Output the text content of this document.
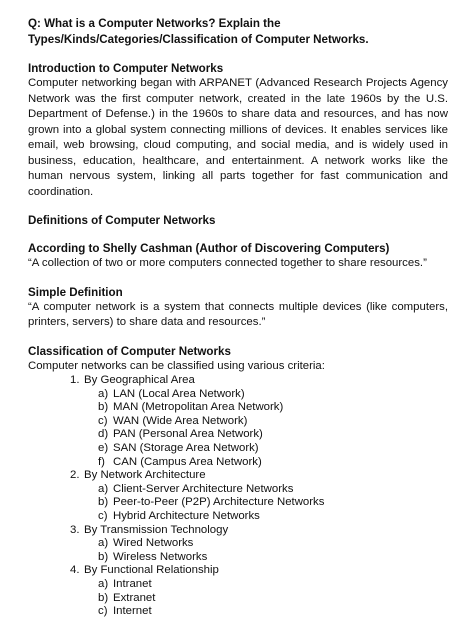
Q: What is a Computer Networks? Explain the Types/Kinds/Categories/Classification of Computer Networks.

Introduction to Computer Networks

Computer networking began with ARPANET (Advanced Research Projects Agency Network was the first computer network, created in the late 1960s by the U.S. Department of Defense.) in the 1960s to share data and resources, and has now grown into a global system connecting millions of devices. It enables services like email, web browsing, cloud computing, and social media, and is widely used in business, education, healthcare, and entertainment. A network works like the human nervous system, linking all parts together for fast communication and coordination.

Definitions of Computer Networks

According to Shelly Cashman (Author of Discovering Computers)

“A collection of two or more computers connected together to share resources.”

Simple Definition

“A computer network is a system that connects multiple devices (like computers, printers, servers) to share data and resources.”

Classification of Computer Networks

Computer networks can be classified using various criteria:

1. By Geographical Area
a) LAN (Local Area Network)
b) MAN (Metropolitan Area Network)
c) WAN (Wide Area Network)
d) PAN (Personal Area Network)
e) SAN (Storage Area Network)
f) CAN (Campus Area Network)
2. By Network Architecture
a) Client-Server Architecture Networks
b) Peer-to-Peer (P2P) Architecture Networks
c) Hybrid Architecture Networks
3. By Transmission Technology
a) Wired Networks
b) Wireless Networks
4. By Functional Relationship
a) Intranet
b) Extranet
c) Internet
